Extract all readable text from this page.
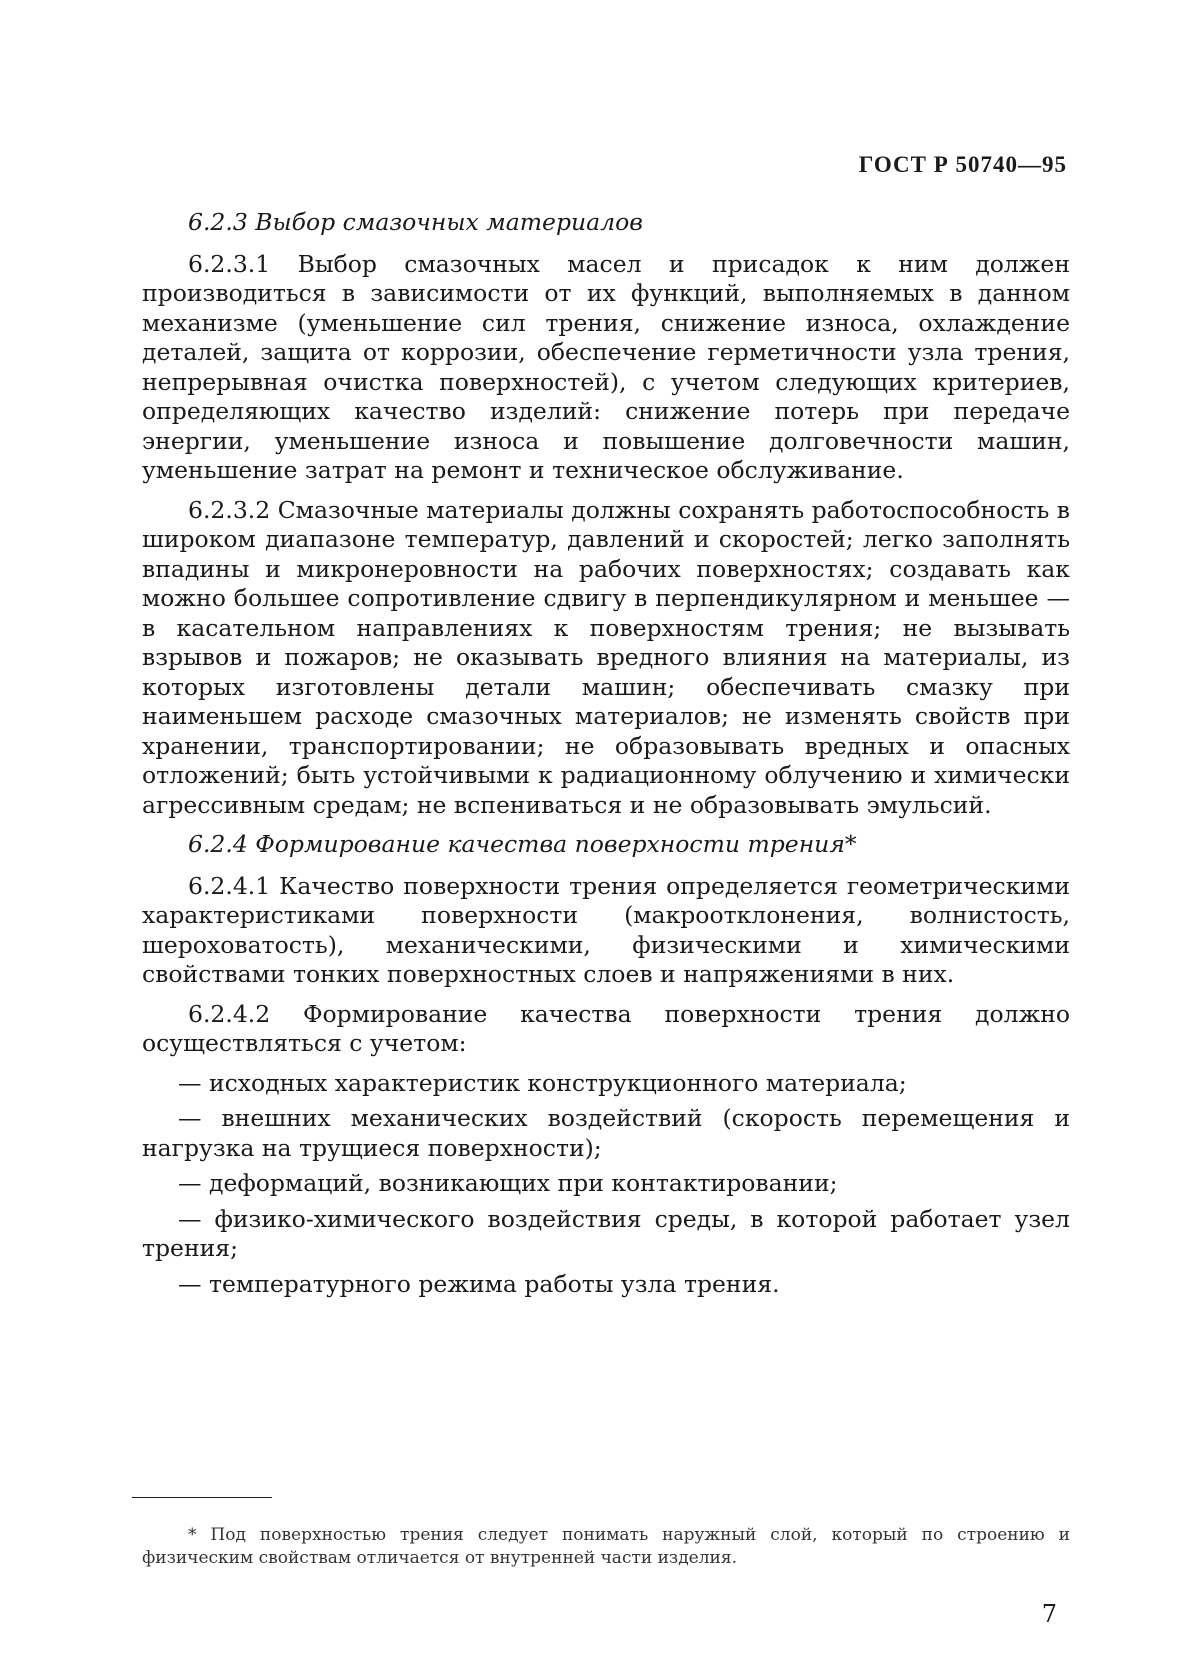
ГОСТ Р 50740—95

6.2.3 Выбор смазочных материалов

6.2.3.1 Выбор смазочных масел и присадок к ним должен производиться в зависимости от их функций, выполняемых в данном механизме (уменьшение сил трения, снижение износа, охлаждение деталей, защита от коррозии, обеспечение герметичности узла трения, непрерывная очистка поверхностей), с учетом следующих критериев, определяющих качество изделий: снижение потерь при передаче энергии, уменьшение износа и повышение долговечности машин, уменьшение затрат на ремонт и техническое обслуживание.

6.2.3.2 Смазочные материалы должны сохранять работоспособность в широком диапазоне температур, давлений и скоростей; легко заполнять впадины и микронеровности на рабочих поверхностях; создавать как можно большее сопротивление сдвигу в перпендикулярном и меньшее — в касательном направлениях к поверхностям трения; не вызывать взрывов и пожаров; не оказывать вредного влияния на материалы, из которых изготовлены детали машин; обеспечивать смазку при наименьшем расходе смазочных материалов; не изменять свойств при хранении, транспортировании; не образовывать вредных и опасных отложений; быть устойчивыми к радиационному облучению и химически агрессивным средам; не вспениваться и не образовывать эмульсий.

6.2.4 Формирование качества поверхности трения*

6.2.4.1 Качество поверхности трения определяется геометрическими характеристиками поверхности (макроотклонения, волнистость, шероховатость), механическими, физическими и химическими свойствами тонких поверхностных слоев и напряжениями в них.

6.2.4.2 Формирование качества поверхности трения должно осуществляться с учетом:

— исходных характеристик конструкционного материала;

— внешних механических воздействий (скорость перемещения и нагрузка на трущиеся поверхности);

— деформаций, возникающих при контактировании;

— физико-химического воздействия среды, в которой работает узел трения;

— температурного режима работы узла трения.

* Под поверхностью трения следует понимать наружный слой, который по строению и физическим свойствам отличается от внутренней части изделия.

7
